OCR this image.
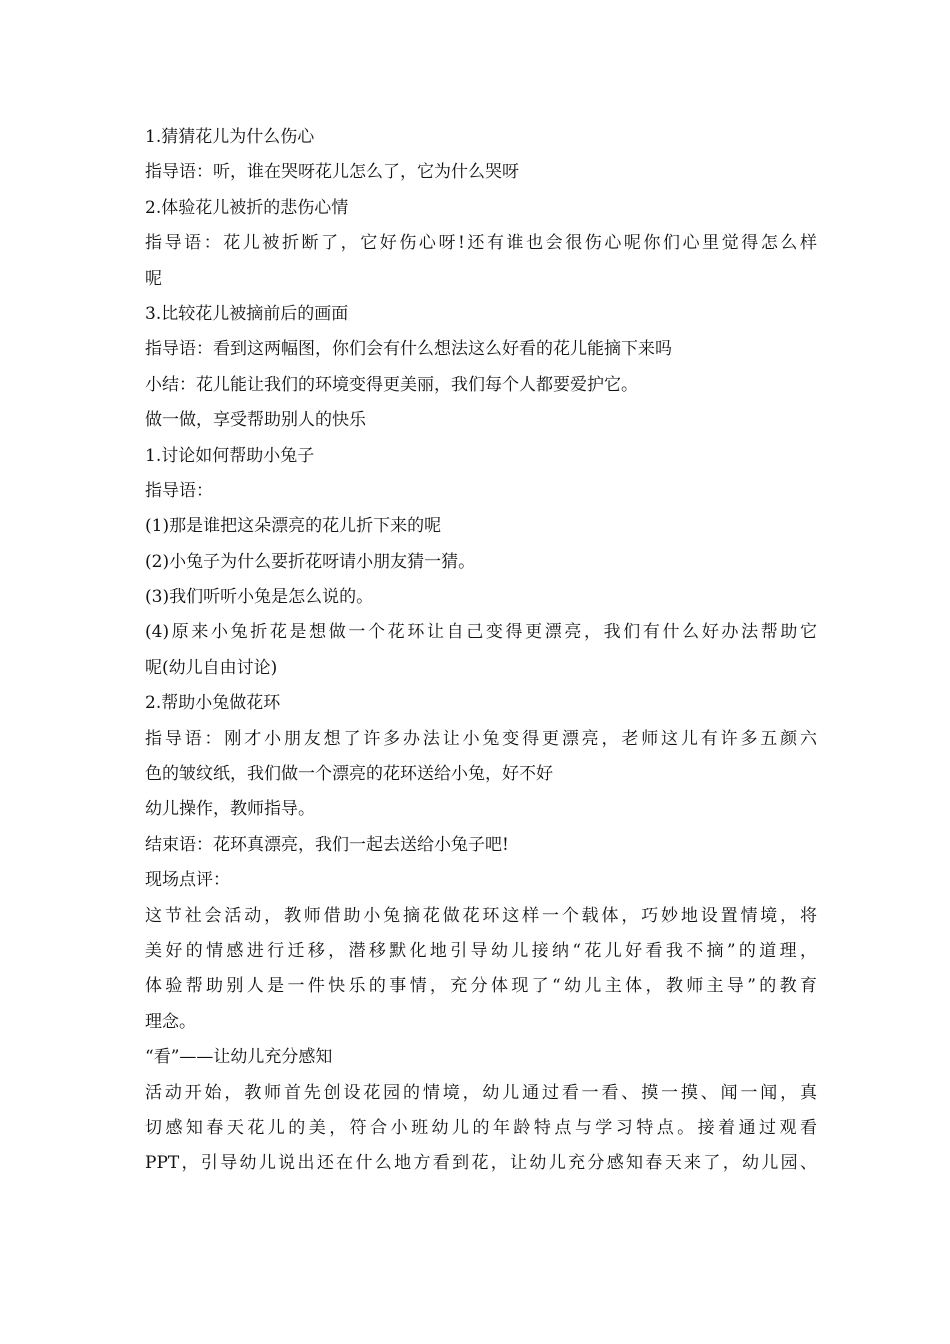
1.猜猜花儿为什么伤心
指导语：听，谁在哭呀花儿怎么了，它为什么哭呀
2.体验花儿被折的悲伤心情
指导语：花儿被折断了，它好伤心呀!还有谁也会很伤心呢你们心里觉得怎么样
呢
3.比较花儿被摘前后的画面
指导语：看到这两幅图，你们会有什么想法这么好看的花儿能摘下来吗
小结：花儿能让我们的环境变得更美丽，我们每个人都要爱护它。
做一做，享受帮助别人的快乐
1.讨论如何帮助小兔子
指导语：
(1)那是谁把这朵漂亮的花儿折下来的呢
(2)小兔子为什么要折花呀请小朋友猜一猜。
(3)我们听听小兔是怎么说的。
(4)原来小兔折花是想做一个花环让自己变得更漂亮，我们有什么好办法帮助它
呢(幼儿自由讨论)
2.帮助小兔做花环
指导语：刚才小朋友想了许多办法让小兔变得更漂亮，老师这儿有许多五颜六
色的皱纹纸，我们做一个漂亮的花环送给小兔，好不好
幼儿操作，教师指导。
结束语：花环真漂亮，我们一起去送给小兔子吧!
现场点评：
这节社会活动，教师借助小兔摘花做花环这样一个载体，巧妙地设置情境，将
美好的情感进行迁移，潜移默化地引导幼儿接纳“花儿好看我不摘”的道理，
体验帮助别人是一件快乐的事情，充分体现了“幼儿主体，教师主导”的教育
理念。
“看”——让幼儿充分感知
活动开始，教师首先创设花园的情境，幼儿通过看一看、摸一摸、闻一闻，真
切感知春天花儿的美，符合小班幼儿的年龄特点与学习特点。接着通过观看
PPT，引导幼儿说出还在什么地方看到花，让幼儿充分感知春天来了，幼儿园、
